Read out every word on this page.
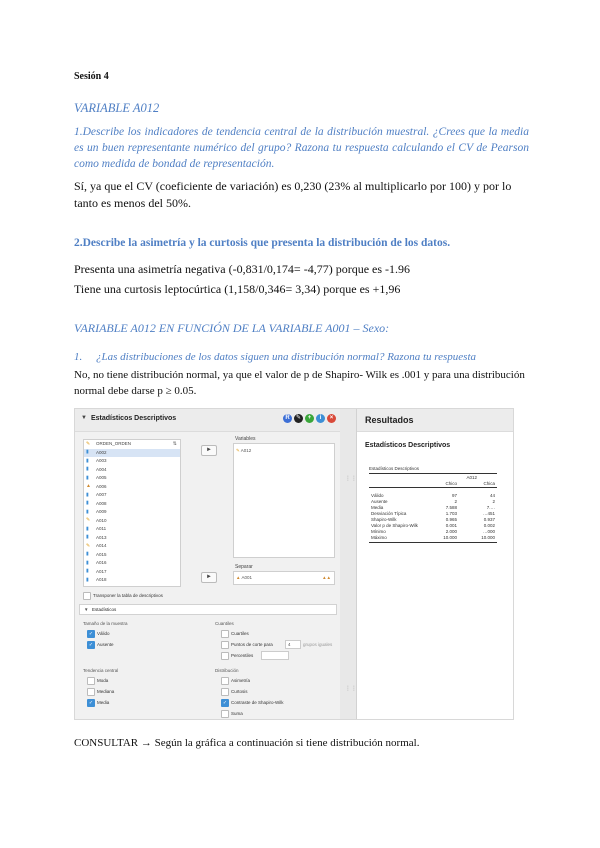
Sesión 4
VARIABLE A012
1.Describe los indicadores de tendencia central de la distribución muestral. ¿Crees que la media es un buen representante numérico del grupo? Razona tu respuesta calculando el CV de Pearson como medida de bondad de representación.
Sí, ya que el CV (coeficiente de variación) es 0,230 (23% al multiplicarlo por 100) y por lo tanto es menos del 50%.
2.Describe la asimetría y la curtosis que presenta la distribución de los datos.
Presenta una asimetría negativa (-0,831/0,174= -4,77) porque es -1.96
Tiene una curtosis leptocúrtica (1,158/0,346= 3,34) porque es +1,96
VARIABLE A012 EN FUNCIÓN DE LA VARIABLE A001 – Sexo:
1. ¿Las distribuciones de los datos siguen una distribución normal? Razona tu respuesta
No, no tiene distribución normal, ya que el valor de p de Shapiro- Wilk es .001 y para una distribución normal debe darse p ≥ 0.05.
▼ Estadísticos Descriptivos	R ✎ + i ×
⇅
✎	ORDEN_ORDEN
▮	A002
▮	A003
▮	A004
▮	A005
▲ A006
▮	A007
▮	A008
▮	A009
✎	A010
▮	A011
▮	A013
✎	A014
▮	A015
▮	A016
▮	A017
▮	A018
►
►
Variables
✎ A012
Separar
▲ A001	▲▲
Transponer la tabla de descriptivos
▼ Estadísticos
Tamaño de la muestra
✓ Válido
✓ Ausente
Cuantiles
Cuartiles
Puntos de corte para	4	grupos iguales
Percentiles
Tendencia central
Moda
Mediana
✓ Media
Distribución
Asimetría
Curtosis
✓ Contraste de Shapiro-Wilk
Suma
⋮⋮
⋮⋮
Resultados
Estadísticos Descriptivos
Estadísticos Descriptivos
A012
Chico	Chica
Válido	97	44
Ausente	2	2
Media	7.588	7.…
Desviación Típica	1.703	…451
Shapiro-Wilk	0.965	0.937
Valor p de Shapiro-Wilk	0.001	0.002
Mínimo	2.000	…000
Máximo	10.000	10.000
CONSULTAR → Según la gráfica a continuación si tiene distribución normal.
